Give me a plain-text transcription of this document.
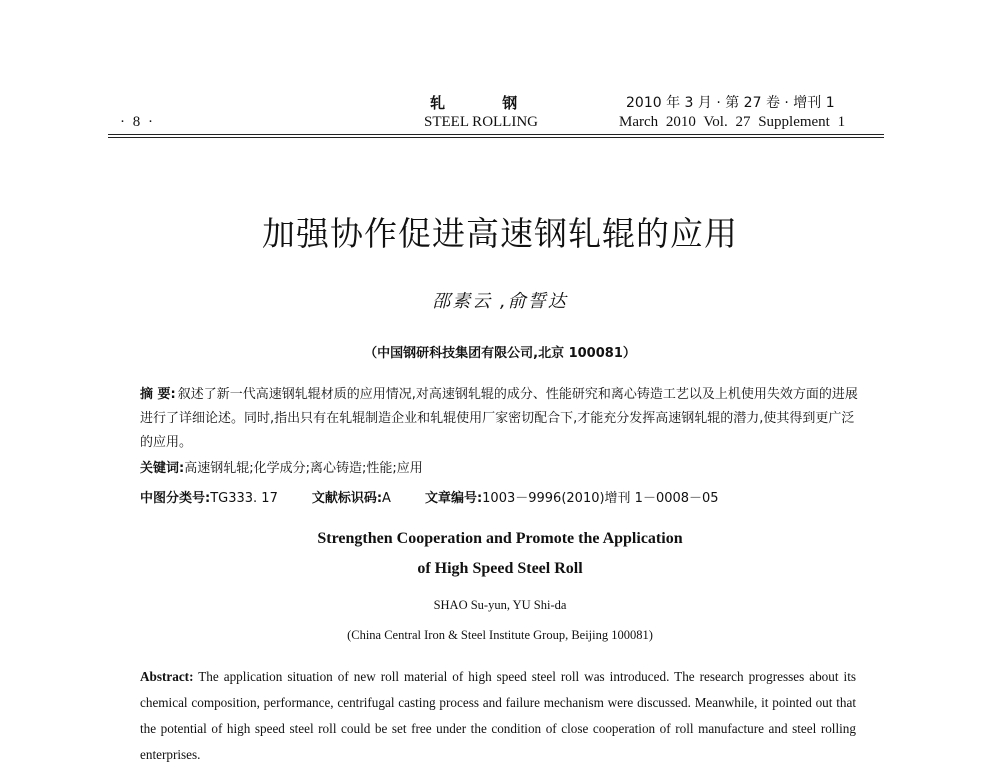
· 8 ·
轧 钢
STEEL ROLLING
2010 年 3 月 · 第 27 卷 · 增刊 1
March 2010 Vol. 27 Supplement 1
加强协作促进高速钢轧辊的应用
邵素云 ,俞誓达
（中国钢研科技集团有限公司,北京 100081）
摘 要: 叙述了新一代高速钢轧辊材质的应用情况,对高速钢轧辊的成分、性能研究和离心铸造工艺以及上机使用失效方面的进展进行了详细论述。同时,指出只有在轧辊制造企业和轧辊使用厂家密切配合下,才能充分发挥高速钢轧辊的潜力,使其得到更广泛的应用。
关键词:高速钢轧辊;化学成分;离心铸造;性能;应用
中图分类号:TG333. 17	文献标识码:A	文章编号:1003－9996(2010)增刊 1－0008－05
Strengthen Cooperation and Promote the Application
of High Speed Steel Roll
SHAO Su-yun, YU Shi-da
(China Central Iron & Steel Institute Group, Beijing 100081)
Abstract: The application situation of new roll material of high speed steel roll was introduced. The research progresses about its chemical composition, performance, centrifugal casting process and failure mechanism were discussed. Meanwhile, it pointed out that the potential of high speed steel roll could be set free under the condition of close cooperation of roll manufacture and steel rolling enterprises.
